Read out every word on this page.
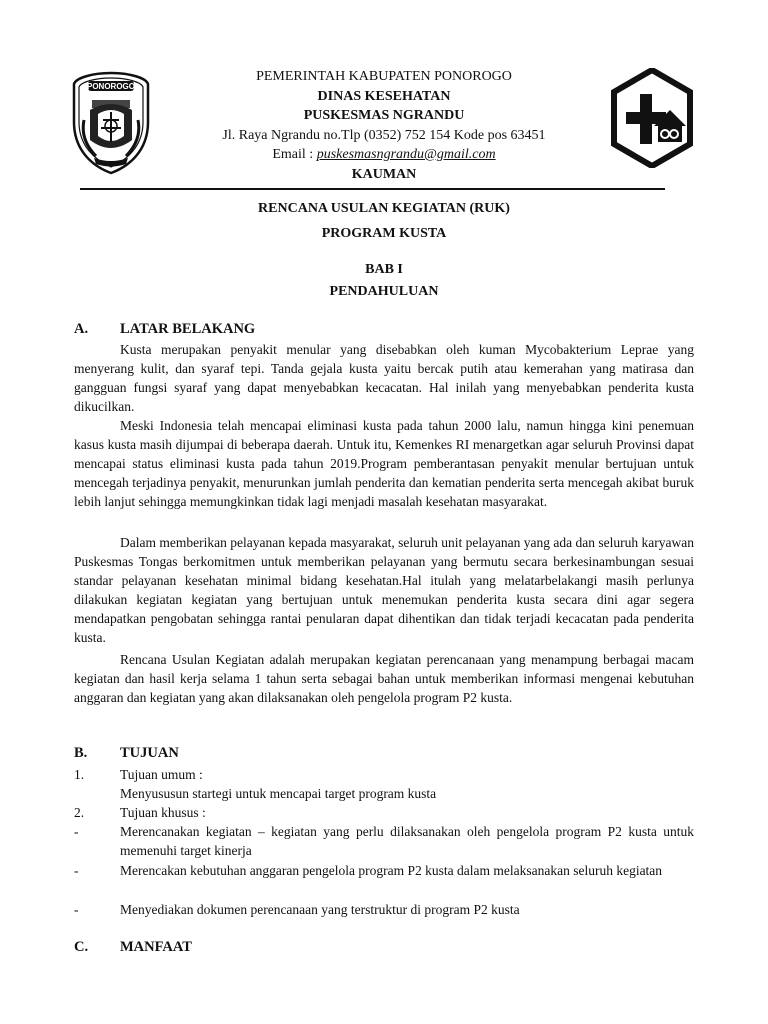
PONOROGO
PEMERINTAH KABUPATEN PONOROGO
DINAS KESEHATAN
PUSKESMAS NGRANDU
Jl. Raya Ngrandu no.Tlp (0352) 752 154 Kode pos 63451
Email : puskesmasngrandu@gmail.com
KAUMAN
RENCANA USULAN KEGIATAN (RUK)
PROGRAM KUSTA
BAB I
PENDAHULUAN
A. LATAR BELAKANG

Kusta merupakan penyakit menular yang disebabkan oleh kuman Mycobakterium Leprae yang menyerang kulit, dan syaraf tepi. Tanda gejala kusta yaitu bercak putih atau kemerahan yang matirasa dan gangguan fungsi syaraf yang dapat menyebabkan kecacatan. Hal inilah yang menyebabkan penderita kusta dikucilkan.

Meski Indonesia telah mencapai eliminasi kusta pada tahun 2000 lalu, namun hingga kini penemuan kasus kusta masih dijumpai di beberapa daerah. Untuk itu, Kemenkes RI menargetkan agar seluruh Provinsi dapat mencapai status eliminasi kusta pada tahun 2019.Program pemberantasan penyakit menular bertujuan untuk mencegah terjadinya penyakit, menurunkan jumlah penderita dan kematian penderita serta mencegah akibat buruk lebih lanjut sehingga memungkinkan tidak lagi menjadi masalah kesehatan masyarakat.

Dalam memberikan pelayanan kepada masyarakat, seluruh unit pelayanan yang ada dan seluruh karyawan Puskesmas Tongas berkomitmen untuk memberikan pelayanan yang bermutu secara berkesinambungan sesuai standar pelayanan kesehatan minimal bidang kesehatan.Hal itulah yang melatarbelakangi masih perlunya dilakukan kegiatan kegiatan yang bertujuan untuk menemukan penderita kusta secara dini agar segera mendapatkan pengobatan sehingga rantai penularan dapat dihentikan dan tidak terjadi kecacatan pada penderita kusta.

Rencana Usulan Kegiatan adalah merupakan kegiatan perencanaan yang menampung berbagai macam kegiatan dan hasil kerja selama 1 tahun serta sebagai bahan untuk memberikan informasi mengenai kebutuhan anggaran dan kegiatan yang akan dilaksanakan oleh pengelola program P2 kusta.

B. TUJUAN
1.	Tujuan umum :
Menyususun startegi untuk mencapai target program kusta
2.	Tujuan khusus :
-	Merencanakan kegiatan – kegiatan yang perlu dilaksanakan oleh pengelola program P2 kusta untuk memenuhi target kinerja
-	Merencakan kebutuhan anggaran pengelola program P2 kusta dalam melaksanakan seluruh kegiatan
-	Menyediakan dokumen perencanaan yang terstruktur di program P2 kusta
C. MANFAAT
